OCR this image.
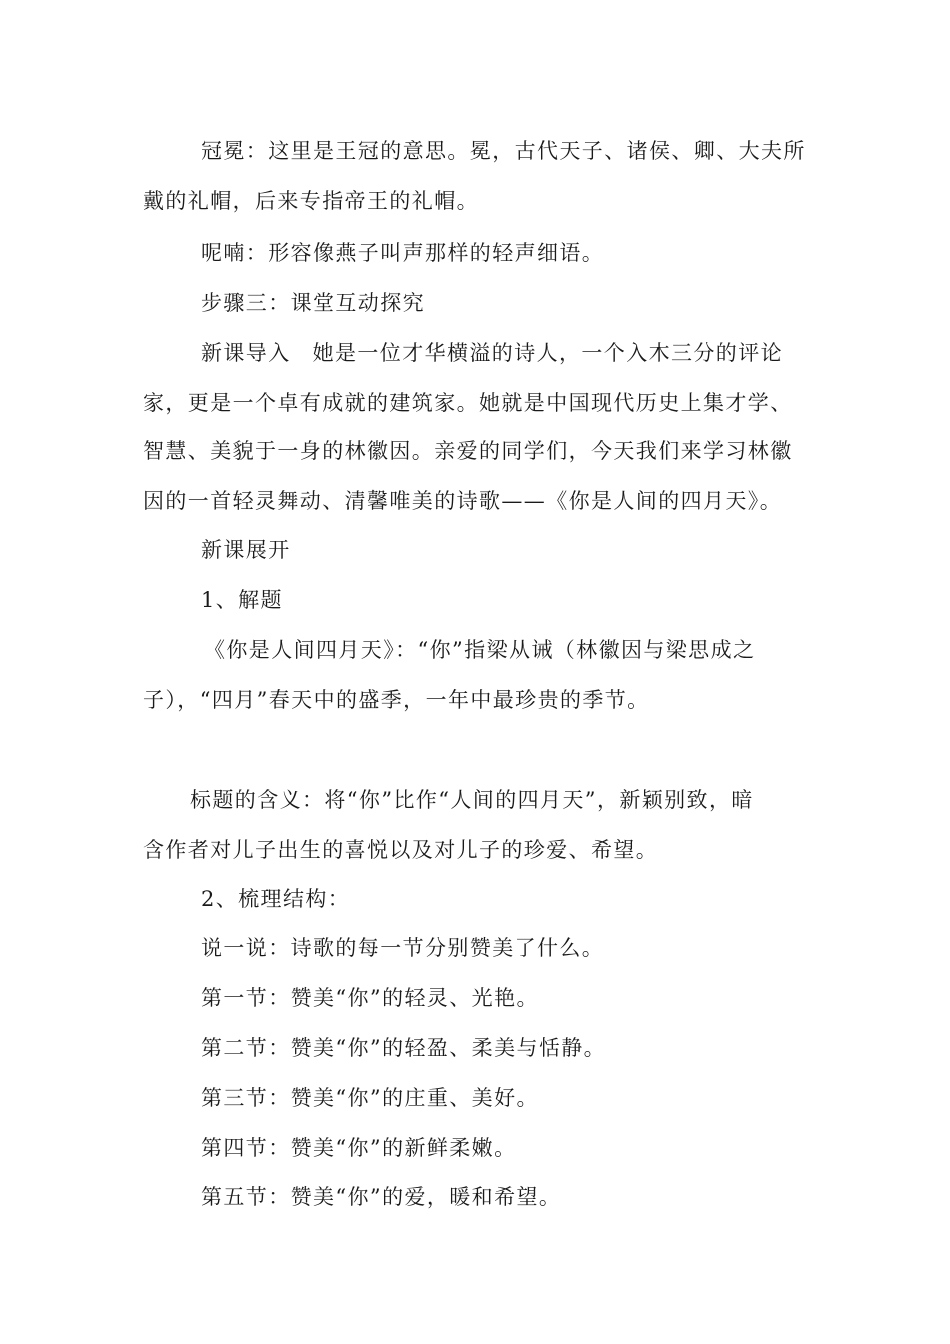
冠冕：这里是王冠的意思。冕，古代天子、诸侯、卿、大夫所
戴的礼帽，后来专指帝王的礼帽。
呢喃：形容像燕子叫声那样的轻声细语。
步骤三：课堂互动探究
新课导入 她是一位才华横溢的诗人，一个入木三分的评论
家，更是一个卓有成就的建筑家。她就是中国现代历史上集才学、
智慧、美貌于一身的林徽因。亲爱的同学们，今天我们来学习林徽
因的一首轻灵舞动、清馨唯美的诗歌——《你是人间的四月天》。
新课展开
1、解题
《你是人间四月天》：“你”指梁从诫（林徽因与梁思成之
子），“四月”春天中的盛季，一年中最珍贵的季节。
标题的含义：将“你”比作“人间的四月天”，新颖别致，暗
含作者对儿子出生的喜悦以及对儿子的珍爱、希望。
2、梳理结构：
说一说：诗歌的每一节分别赞美了什么。
第一节：赞美“你”的轻灵、光艳。
第二节：赞美“你”的轻盈、柔美与恬静。
第三节：赞美“你”的庄重、美好。
第四节：赞美“你”的新鲜柔嫩。
第五节：赞美“你”的爱，暖和希望。
